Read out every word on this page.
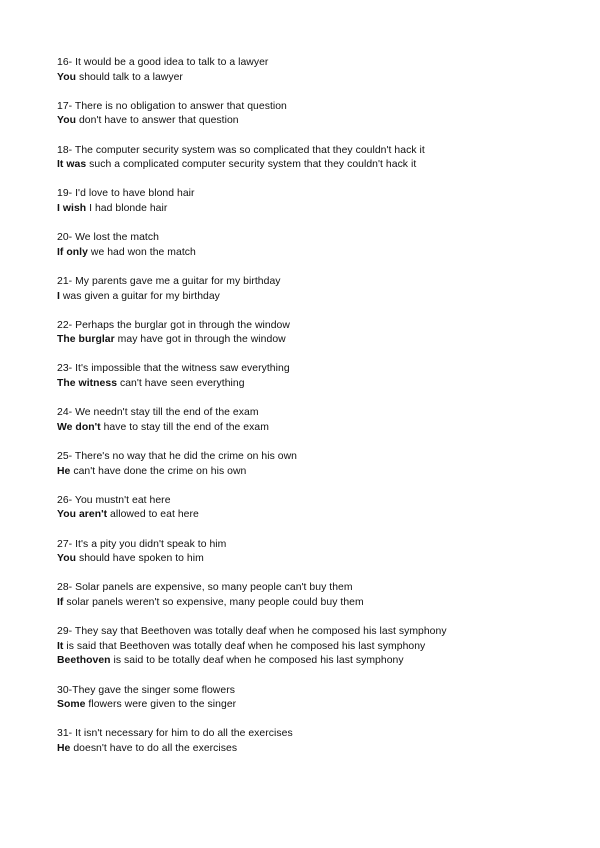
16- It would be a good idea to talk to a lawyer
You should talk to a lawyer
17- There is no obligation to answer that question
You don't have to answer that question
18- The computer security system was so complicated that they couldn't hack it
It was such a complicated computer security system that they couldn't hack it
19- I'd love to have blond hair
I wish I had blonde hair
20- We lost the match
If only we had won the match
21- My parents gave me a guitar for my birthday
I was given a guitar for my birthday
22- Perhaps the burglar got in through the window
The burglar may have got in through the window
23- It's impossible that the witness saw everything
The witness can't have seen everything
24- We needn't stay till the end of the exam
We don't have to stay till the end of the exam
25- There's no way that he did the crime on his own
He can't have done the crime on his own
26- You mustn't eat here
You aren't allowed to eat here
27- It's a pity you didn't speak to him
You should have spoken to him
28- Solar panels are expensive, so many people can't buy them
If solar panels weren't so expensive, many people could buy them
29- They say that Beethoven was totally deaf when he composed his last symphony
It is said that Beethoven was totally deaf when he composed his last symphony
Beethoven is said to be totally deaf when he composed his last symphony
30-They gave the singer some flowers
Some flowers were given to the singer
31- It isn't necessary for him to do all the exercises
He doesn't have to do all the exercises
